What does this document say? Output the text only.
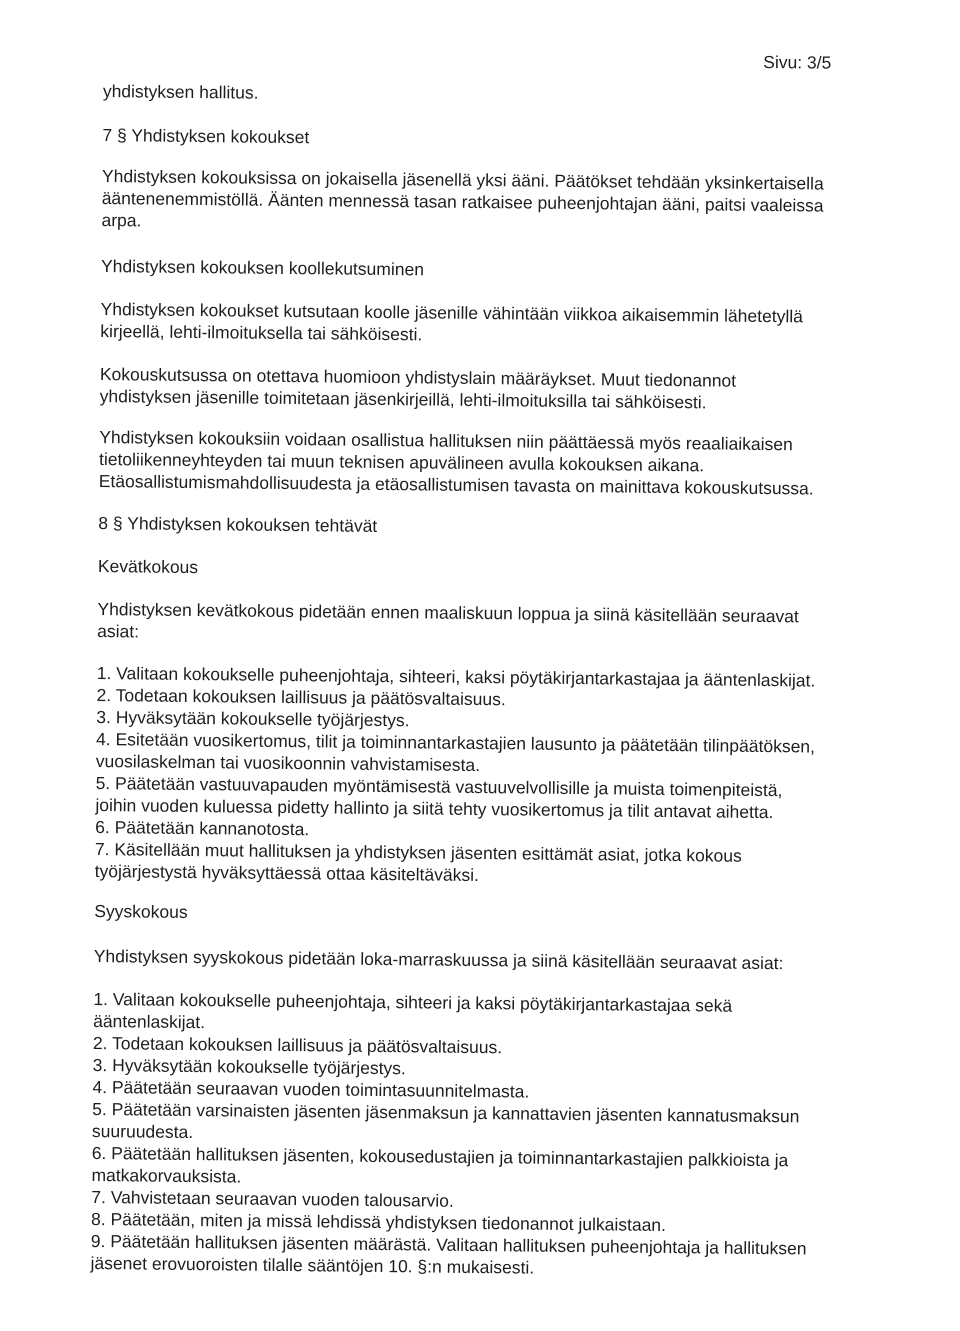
Sivu: 3/5
yhdistyksen hallitus.
7 § Yhdistyksen kokoukset
Yhdistyksen kokouksissa on jokaisella jäsenellä yksi ääni. Päätökset tehdään yksinkertaisella
ääntenenemmistöllä. Äänten mennessä tasan ratkaisee puheenjohtajan ääni, paitsi vaaleissa
arpa.
Yhdistyksen kokouksen koollekutsuminen
Yhdistyksen kokoukset kutsutaan koolle jäsenille vähintään viikkoa aikaisemmin lähetetyllä
kirjeellä, lehti-ilmoituksella tai sähköisesti.
Kokouskutsussa on otettava huomioon yhdistyslain määräykset. Muut tiedonannot
yhdistyksen jäsenille toimitetaan jäsenkirjeillä, lehti-ilmoituksilla tai sähköisesti.
Yhdistyksen kokouksiin voidaan osallistua hallituksen niin päättäessä myös reaaliaikaisen
tietoliikenneyhteyden tai muun teknisen apuvälineen avulla kokouksen aikana.
Etäosallistumismahdollisuudesta ja etäosallistumisen tavasta on mainittava kokouskutsussa.
8 § Yhdistyksen kokouksen tehtävät
Kevätkokous
Yhdistyksen kevätkokous pidetään ennen maaliskuun loppua ja siinä käsitellään seuraavat
asiat:
1. Valitaan kokoukselle puheenjohtaja, sihteeri, kaksi pöytäkirjantarkastajaa ja ääntenlaskijat.
2. Todetaan kokouksen laillisuus ja päätösvaltaisuus.
3. Hyväksytään kokoukselle työjärjestys.
4. Esitetään vuosikertomus, tilit ja toiminnantarkastajien lausunto ja päätetään tilinpäätöksen,
vuosilaskelman tai vuosikoonnin vahvistamisesta.
5. Päätetään vastuuvapauden myöntämisestä vastuuvelvollisille ja muista toimenpiteistä,
joihin vuoden kuluessa pidetty hallinto ja siitä tehty vuosikertomus ja tilit antavat aihetta.
6. Päätetään kannanotosta.
7. Käsitellään muut hallituksen ja yhdistyksen jäsenten esittämät asiat, jotka kokous
työjärjestystä hyväksyttäessä ottaa käsiteltäväksi.
Syyskokous
Yhdistyksen syyskokous pidetään loka-marraskuussa ja siinä käsitellään seuraavat asiat:
1. Valitaan kokoukselle puheenjohtaja, sihteeri ja kaksi pöytäkirjantarkastajaa sekä
ääntenlaskijat.
2. Todetaan kokouksen laillisuus ja päätösvaltaisuus.
3. Hyväksytään kokoukselle työjärjestys.
4. Päätetään seuraavan vuoden toimintasuunnitelmasta.
5. Päätetään varsinaisten jäsenten jäsenmaksun ja kannattavien jäsenten kannatusmaksun
suuruudesta.
6. Päätetään hallituksen jäsenten, kokousedustajien ja toiminnantarkastajien palkkioista ja
matkakorvauksista.
7. Vahvistetaan seuraavan vuoden talousarvio.
8. Päätetään, miten ja missä lehdissä yhdistyksen tiedonannot julkaistaan.
9. Päätetään hallituksen jäsenten määrästä. Valitaan hallituksen puheenjohtaja ja hallituksen
jäsenet erovuoroisten tilalle sääntöjen 10. §:n mukaisesti.
